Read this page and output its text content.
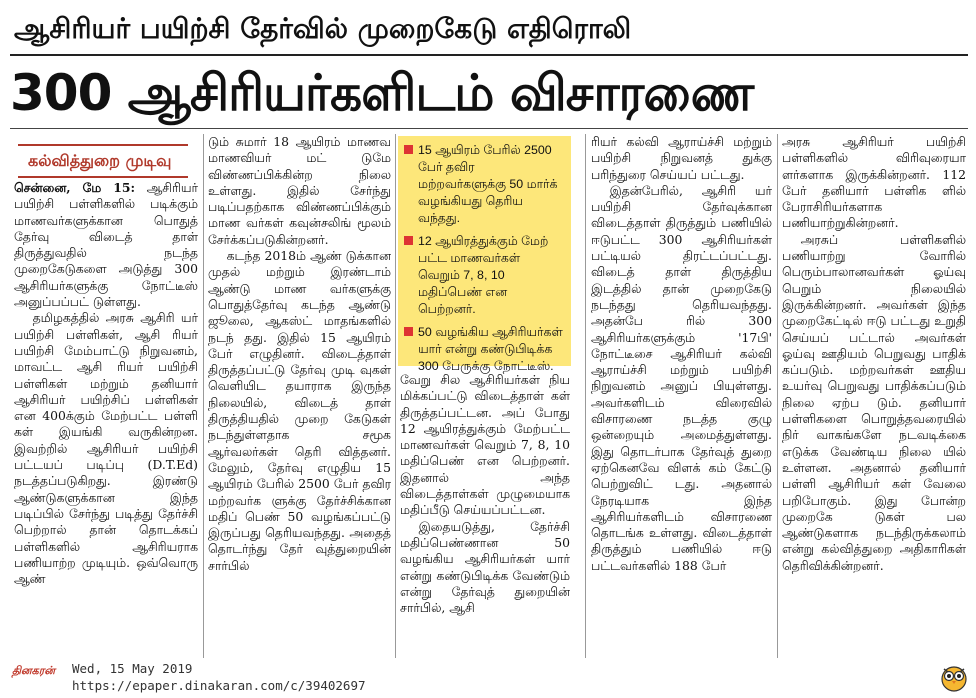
ஆசிரியர் பயிற்சி தேர்வில் முறைகேடு எதிரொலி
300 ஆசிரியர்களிடம் விசாரணை
கல்வித்துறை முடிவு

சென்னை, மே 15: ஆசிரியர் பயிற்சி பள்ளிகளில் படிக்கும் மாணவர்களுக்கான பொதுத் தேர்வு விடைத் தாள் திருத்துவதில் நடந்த முறைகேடுகளை அடுத்து 300 ஆசிரியர்களுக்கு நோட்டீஸ் அனுப்பப்பட் டுள்ளது.

தமிழகத்தில் அரசு ஆசிரி யர் பயிற்சி பள்ளிகள், ஆசி ரியர் பயிற்சி மேம்பாட்டு நிறுவனம், மாவட்ட ஆசி ரியர் பயிற்சி பள்ளிகள் மற்றும் தனியார் ஆசிரியர் பயிற்சிப் பள்ளிகள் என 400க்கும் மேற்பட்ட பள்ளி கள் இயங்கி வருகின்றன. இவற்றில் ஆசிரியர் பயிற்சி பட்டயப் படிப்பு (D.T.Ed) நடத்தப்படுகிறது. இரண்டு ஆண்டுகளுக்கான இந்த படிப்பில் சேர்ந்து படித்து தேர்ச்சி பெற்றால் தான் தொடக்கப் பள்ளிகளில் ஆசிரியராக பணியாற்ற முடியும். ஒவ்வொரு ஆண்

டும் சுமார் 18 ஆயிரம் மாணவ மாணவியர் மட் டுமே விண்ணப்பிக்கின்ற நிலை உள்ளது. இதில் சேர்ந்து படிப்பதற்காக விண்ணப்பிக்கும் மாண வர்கள் கவுன்சலிங் மூலம் சேர்க்கப்படுகின்றனர்.

கடந்த 2018ம் ஆண் டுக்கான முதல் மற்றும் இரண்டாம் ஆண்டு மாண வர்களுக்கு பொதுத்தேர்வு கடந்த ஆண்டு ஜூலை, ஆகஸ்ட் மாதங்களில் நடந் தது. இதில் 15 ஆயிரம் பேர் எழுதினர். விடைத்தாள் திருத்தப்பட்டு தேர்வு முடி வுகள் வெளியிட தயாராக இருந்த நிலையில், விடைத் தாள் திருத்தியதில் முறை கேடுகள் நடந்துள்ளதாக சமூக ஆர்வலர்கள் தெரி வித்தனர். மேலும், தேர்வு எழுதிய 15 ஆயிரம் பேரில் 2500 பேர் தவிர மற்றவர்க ளுக்கு தேர்ச்சிக்கான மதிப் பெண் 50 வழங்கப்பட்டு இருப்பது தெரியவந்தது. அதைத் தொடர்ந்து தேர் வுத்துறையின் சார்பில்

15 ஆயிரம் பேரில் 2500 பேர் தவிர மற்றவர்களுக்கு 50 மார்க் வழங்கியது தெரிய வந்தது.
12 ஆயிரத்துக்கும் மேற் பட்ட மாணவர்கள் வெறும் 7, 8, 10 மதிப்பெண் என பெற்றனர்.
50 வழங்கிய ஆசிரியர்கள் யார் என்று கண்டுபிடிக்க 300 பேருக்கு நோட்டீஸ்.

வேறு சில ஆசிரியர்கள் நிய மிக்கப்பட்டு விடைத்தாள் கள் திருத்தப்பட்டன. அப் போது 12 ஆயிரத்துக்கும் மேற்பட்ட மாணவர்கள் வெறும் 7, 8, 10 மதிப்பெண் என பெற்றனர். இதனால் அந்த விடைத்தாள்கள் முழுமையாக மதிப்பீடு செய்யப்பட்டன.

இதையடுத்து, தேர்ச்சி மதிப்பெண்ணான 50 வழங்கிய ஆசிரியர்கள் யார் என்று கண்டுபிடிக்க வேண்டும் என்று தேர்வுத் துறையின் சார்பில், ஆசி

ரியர் கல்வி ஆராய்ச்சி மற்றும் பயிற்சி நிறுவனத் துக்கு பரிந்துரை செய்யப் பட்டது.

இதன்பேரில், ஆசிரி யர் பயிற்சி தேர்வுக்கான விடைத்தாள் திருத்தும் பணியில் ஈடுபட்ட 300 ஆசிரியர்கள் பட்டியல் திரட்டப்பட்டது. விடைத் தாள் திருத்திய இடத்தில் தான் முறைகேடு நடந்தது தெரியவந்தது. அதன்பே ரில் 300 ஆசிரியர்களுக்கும் '17பி' நோட்டீசை ஆசிரியர் கல்வி ஆராய்ச்சி மற்றும் பயிற்சி நிறுவனம் அனுப் பியுள்ளது. அவர்களிடம் விரைவில் விசாரணை நடத்த குழு ஒன்றையும் அமைத்துள்ளது. இது தொடர்பாக தேர்வுத் துறை ஏற்கெனவே விளக் கம் கேட்டு பெற்றுவிட் டது. அதனால் நேரடியாக இந்த ஆசிரியர்களிடம் விசாரணை தொடங்க உள்ளது. விடைத்தாள் திருத்தும் பணியில் ஈடு பட்டவர்களில் 188 பேர்

அரசு ஆசிரியர் பயிற்சி பள்ளிகளில் விரிவுரையா ளர்களாக இருக்கின்றனர். 112 பேர் தனியார் பள்ளிக ளில் பேராசிரியர்களாக பணியாற்றுகின்றனர்.

அரசுப் பள்ளிகளில் பணியாற்று வோரில் பெரும்பாலானவர்கள் ஓய்வு பெறும் நிலையில் இருக்கின்றனர். அவர்கள் இந்த முறைகேட்டில் ஈடு பட்டது உறுதி செய்யப் பட்டால் அவர்கள் ஓய்வு ஊதியம் பெறுவது பாதிக் கப்படும். மற்றவர்கள் ஊதிய உயர்வு பெறுவது பாதிக்கப்படும் நிலை ஏற்ப டும். தனியார் பள்ளிகளை பொறுத்தவரையில் நிர் வாகங்களே நடவடிக்கை எடுக்க வேண்டிய நிலை யில் உள்ளன. அதனால் தனியார் பள்ளி ஆசிரியர் கள் வேலை பறிபோகும். இது போன்ற முறைகே டுகள் பல ஆண்டுகளாக நடந்திருக்கலாம் என்று கல்வித்துறை அதிகாரிகள் தெரிவிக்கின்றனர்.

தினகரன் Wed, 15 May 2019
https://epaper.dinakaran.com/c/39402697
